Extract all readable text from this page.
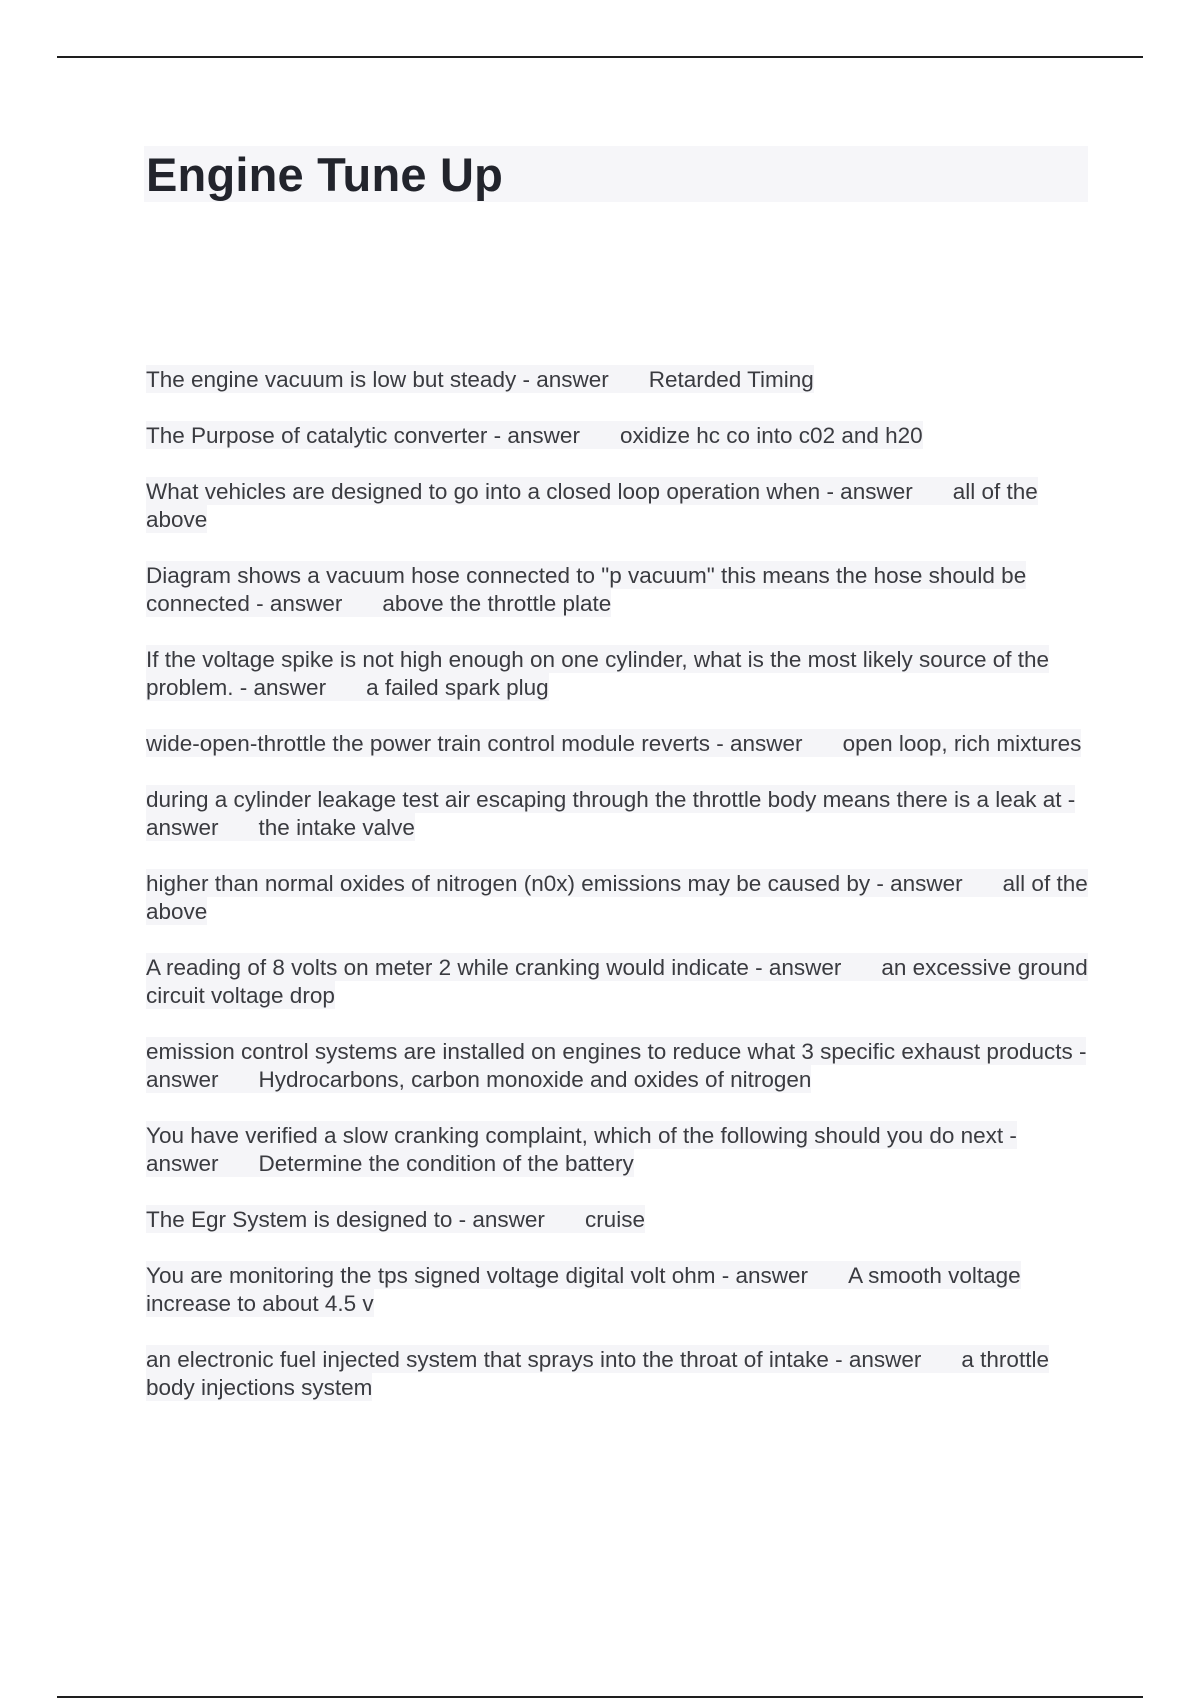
Engine Tune Up

The engine vacuum is low but steady - answer Retarded Timing

The Purpose of catalytic converter - answer oxidize hc co into c02 and h20

What vehicles are designed to go into a closed loop operation when - answer all of the above

Diagram shows a vacuum hose connected to "p vacuum" this means the hose should be connected - answer above the throttle plate

If the voltage spike is not high enough on one cylinder, what is the most likely source of the problem. - answer a failed spark plug

wide-open-throttle the power train control module reverts - answer open loop, rich mixtures

during a cylinder leakage test air escaping through the throttle body means there is a leak at - answer the intake valve

higher than normal oxides of nitrogen (n0x) emissions may be caused by - answer all of the above

A reading of 8 volts on meter 2 while cranking would indicate - answer an excessive ground circuit voltage drop

emission control systems are installed on engines to reduce what 3 specific exhaust products - answer Hydrocarbons, carbon monoxide and oxides of nitrogen

You have verified a slow cranking complaint, which of the following should you do next - answer Determine the condition of the battery

The Egr System is designed to - answer cruise

You are monitoring the tps signed voltage digital volt ohm - answer A smooth voltage increase to about 4.5 v

an electronic fuel injected system that sprays into the throat of intake - answer a throttle body injections system
